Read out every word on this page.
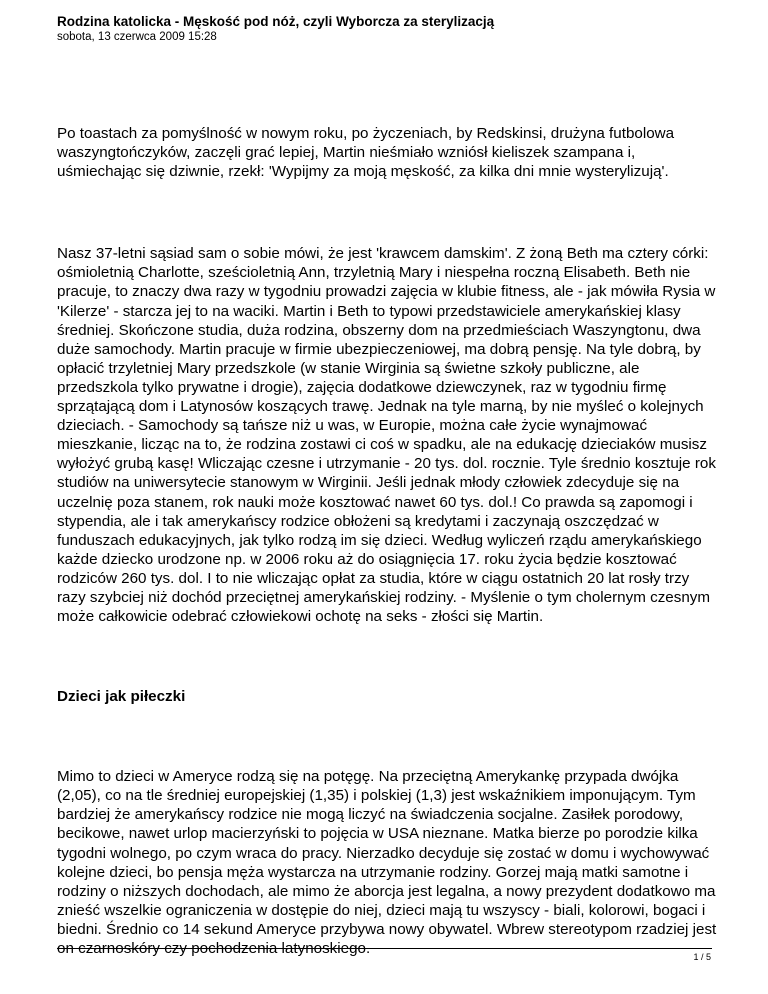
Rodzina katolicka - Męskość pod nóż, czyli Wyborcza za sterylizacją

sobota, 13 czerwca 2009 15:28

Po toastach za pomyślność w nowym roku, po życzeniach, by Redskinsi, drużyna futbolowa waszyngtończyków, zaczęli grać lepiej, Martin nieśmiało wzniósł kieliszek szampana i, uśmiechając się dziwnie, rzekł: 'Wypijmy za moją męskość, za kilka dni mnie wysterylizują'.

Nasz 37-letni sąsiad sam o sobie mówi, że jest 'krawcem damskim'. Z żoną Beth ma cztery córki: ośmioletnią Charlotte, sześcioletnią Ann, trzyletnią Mary i niespełna roczną Elisabeth. Beth nie pracuje, to znaczy dwa razy w tygodniu prowadzi zajęcia w klubie fitness, ale - jak mówiła Rysia w 'Kilerze' - starcza jej to na waciki. Martin i Beth to typowi przedstawiciele amerykańskiej klasy średniej. Skończone studia, duża rodzina, obszerny dom na przedmieściach Waszyngtonu, dwa duże samochody. Martin pracuje w firmie ubezpieczeniowej, ma dobrą pensję. Na tyle dobrą, by opłacić trzyletniej Mary przedszkole (w stanie Wirginia są świetne szkoły publiczne, ale przedszkola tylko prywatne i drogie), zajęcia dodatkowe dziewczynek, raz w tygodniu firmę sprzątającą dom i Latynosów koszących trawę. Jednak na tyle marną, by nie myśleć o kolejnych dzieciach. - Samochody są tańsze niż u was, w Europie, można całe życie wynajmować mieszkanie, licząc na to, że rodzina zostawi ci coś w spadku, ale na edukację dzieciaków musisz wyłożyć grubą kasę! Wliczając czesne i utrzymanie - 20 tys. dol. rocznie. Tyle średnio kosztuje rok studiów na uniwersytecie stanowym w Wirginii. Jeśli jednak młody człowiek zdecyduje się na uczelnię poza stanem, rok nauki może kosztować nawet 60 tys. dol.! Co prawda są zapomogi i stypendia, ale i tak amerykańscy rodzice obłożeni są kredytami i zaczynają oszczędzać w funduszach edukacyjnych, jak tylko rodzą im się dzieci. Według wyliczeń rządu amerykańskiego każde dziecko urodzone np. w 2006 roku aż do osiągnięcia 17. roku życia będzie kosztować rodziców 260 tys. dol. I to nie wliczając opłat za studia, które w ciągu ostatnich 20 lat rosły trzy razy szybciej niż dochód przeciętnej amerykańskiej rodziny. - Myślenie o tym cholernym czesnym może całkowicie odebrać człowiekowi ochotę na seks - złości się Martin.

Dzieci jak piłeczki

Mimo to dzieci w Ameryce rodzą się na potęgę. Na przeciętną Amerykankę przypada dwójka (2,05), co na tle średniej europejskiej (1,35) i polskiej (1,3) jest wskaźnikiem imponującym. Tym bardziej że amerykańscy rodzice nie mogą liczyć na świadczenia socjalne. Zasiłek porodowy, becikowe, nawet urlop macierzyński to pojęcia w USA nieznane. Matka bierze po porodzie kilka tygodni wolnego, po czym wraca do pracy. Nierzadko decyduje się zostać w domu i wychowywać kolejne dzieci, bo pensja męża wystarcza na utrzymanie rodziny. Gorzej mają matki samotne i rodziny o niższych dochodach, ale mimo że aborcja jest legalna, a nowy prezydent dodatkowo ma znieść wszelkie ograniczenia w dostępie do niej, dzieci mają tu wszyscy - biali, kolorowi, bogaci i biedni. Średnio co 14 sekund Ameryce przybywa nowy obywatel. Wbrew stereotypom rzadziej jest on czarnoskóry czy pochodzenia latynoskiego.	1 / 5
